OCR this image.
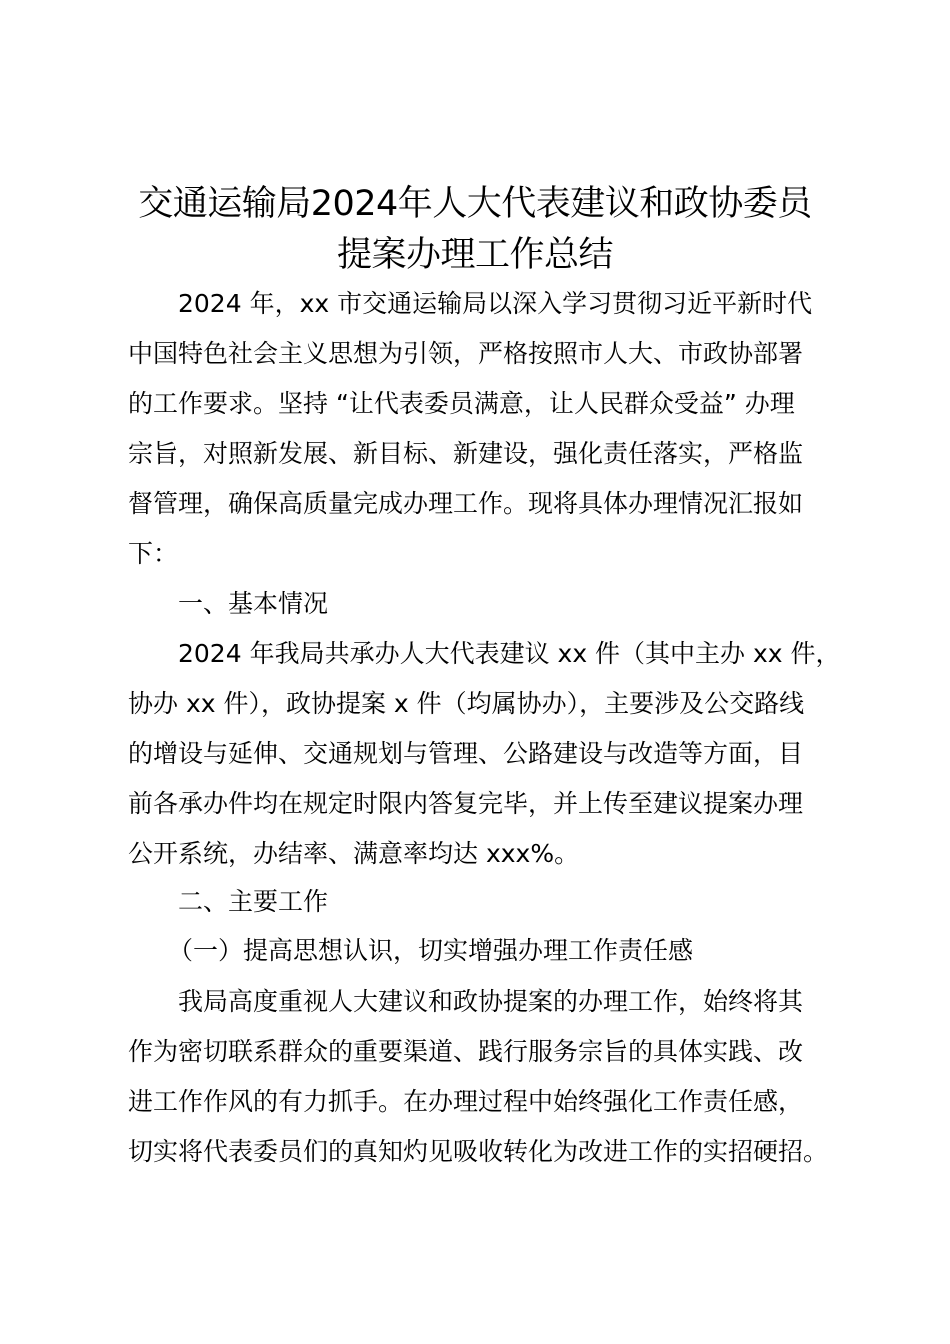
交通运输局2024年人大代表建议和政协委员
提案办理工作总结

2024 年，xx 市交通运输局以深入学习贯彻习近平新时代

中国特色社会主义思想为引领，严格按照市人大、市政协部署

的工作要求。坚持 “让代表委员满意，让人民群众受益” 办理

宗旨，对照新发展、新目标、新建设，强化责任落实，严格监

督管理，确保高质量完成办理工作。现将具体办理情况汇报如

下：

一、基本情况

2024 年我局共承办人大代表建议 xx 件（其中主办 xx 件，

协办 xx 件），政协提案 x 件（均属协办），主要涉及公交路线

的增设与延伸、交通规划与管理、公路建设与改造等方面，目

前各承办件均在规定时限内答复完毕，并上传至建议提案办理

公开系统，办结率、满意率均达 xxx%。

二、主要工作

（一）提高思想认识，切实增强办理工作责任感

我局高度重视人大建议和政协提案的办理工作，始终将其

作为密切联系群众的重要渠道、践行服务宗旨的具体实践、改

进工作作风的有力抓手。在办理过程中始终强化工作责任感，

切实将代表委员们的真知灼见吸收转化为改进工作的实招硬招。
